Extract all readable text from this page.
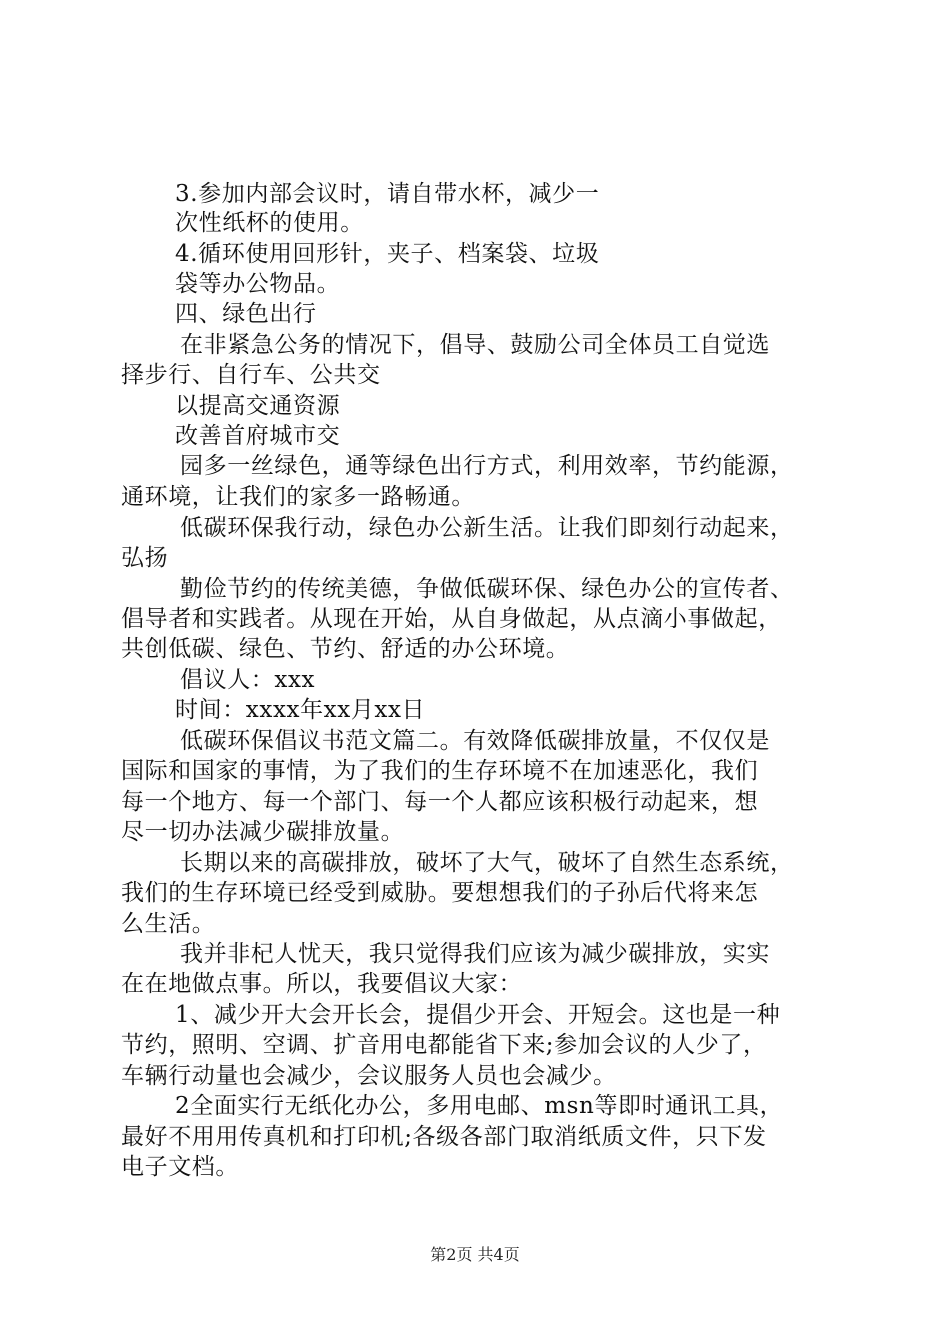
3.参加内部会议时，请自带水杯，减少一
次性纸杯的使用。
4.循环使用回形针，夹子、档案袋、垃圾
袋等办公物品。
四、绿色出行
在非紧急公务的情况下，倡导、鼓励公司全体员工自觉选
择步行、自行车、公共交
以提高交通资源
改善首府城市交
园多一丝绿色，通等绿色出行方式，利用效率，节约能源，
通环境，让我们的家多一路畅通。
低碳环保我行动，绿色办公新生活。让我们即刻行动起来，
弘扬
勤俭节约的传统美德，争做低碳环保、绿色办公的宣传者、
倡导者和实践者。从现在开始，从自身做起，从点滴小事做起，
共创低碳、绿色、节约、舒适的办公环境。
倡议人：xxx
时间：xxxx年xx月xx日
低碳环保倡议书范文篇二。有效降低碳排放量，不仅仅是
国际和国家的事情，为了我们的生存环境不在加速恶化，我们
每一个地方、每一个部门、每一个人都应该积极行动起来，想
尽一切办法减少碳排放量。
长期以来的高碳排放，破坏了大气，破坏了自然生态系统，
我们的生存环境已经受到威胁。要想想我们的子孙后代将来怎
么生活。
我并非杞人忧天，我只觉得我们应该为减少碳排放，实实
在在地做点事。所以，我要倡议大家：
1、减少开大会开长会，提倡少开会、开短会。这也是一种
节约，照明、空调、扩音用电都能省下来;参加会议的人少了，
车辆行动量也会减少，会议服务人员也会减少。
2全面实行无纸化办公，多用电邮、msn等即时通讯工具，
最好不用用传真机和打印机;各级各部门取消纸质文件，只下发
电子文档。
第2页 共4页
